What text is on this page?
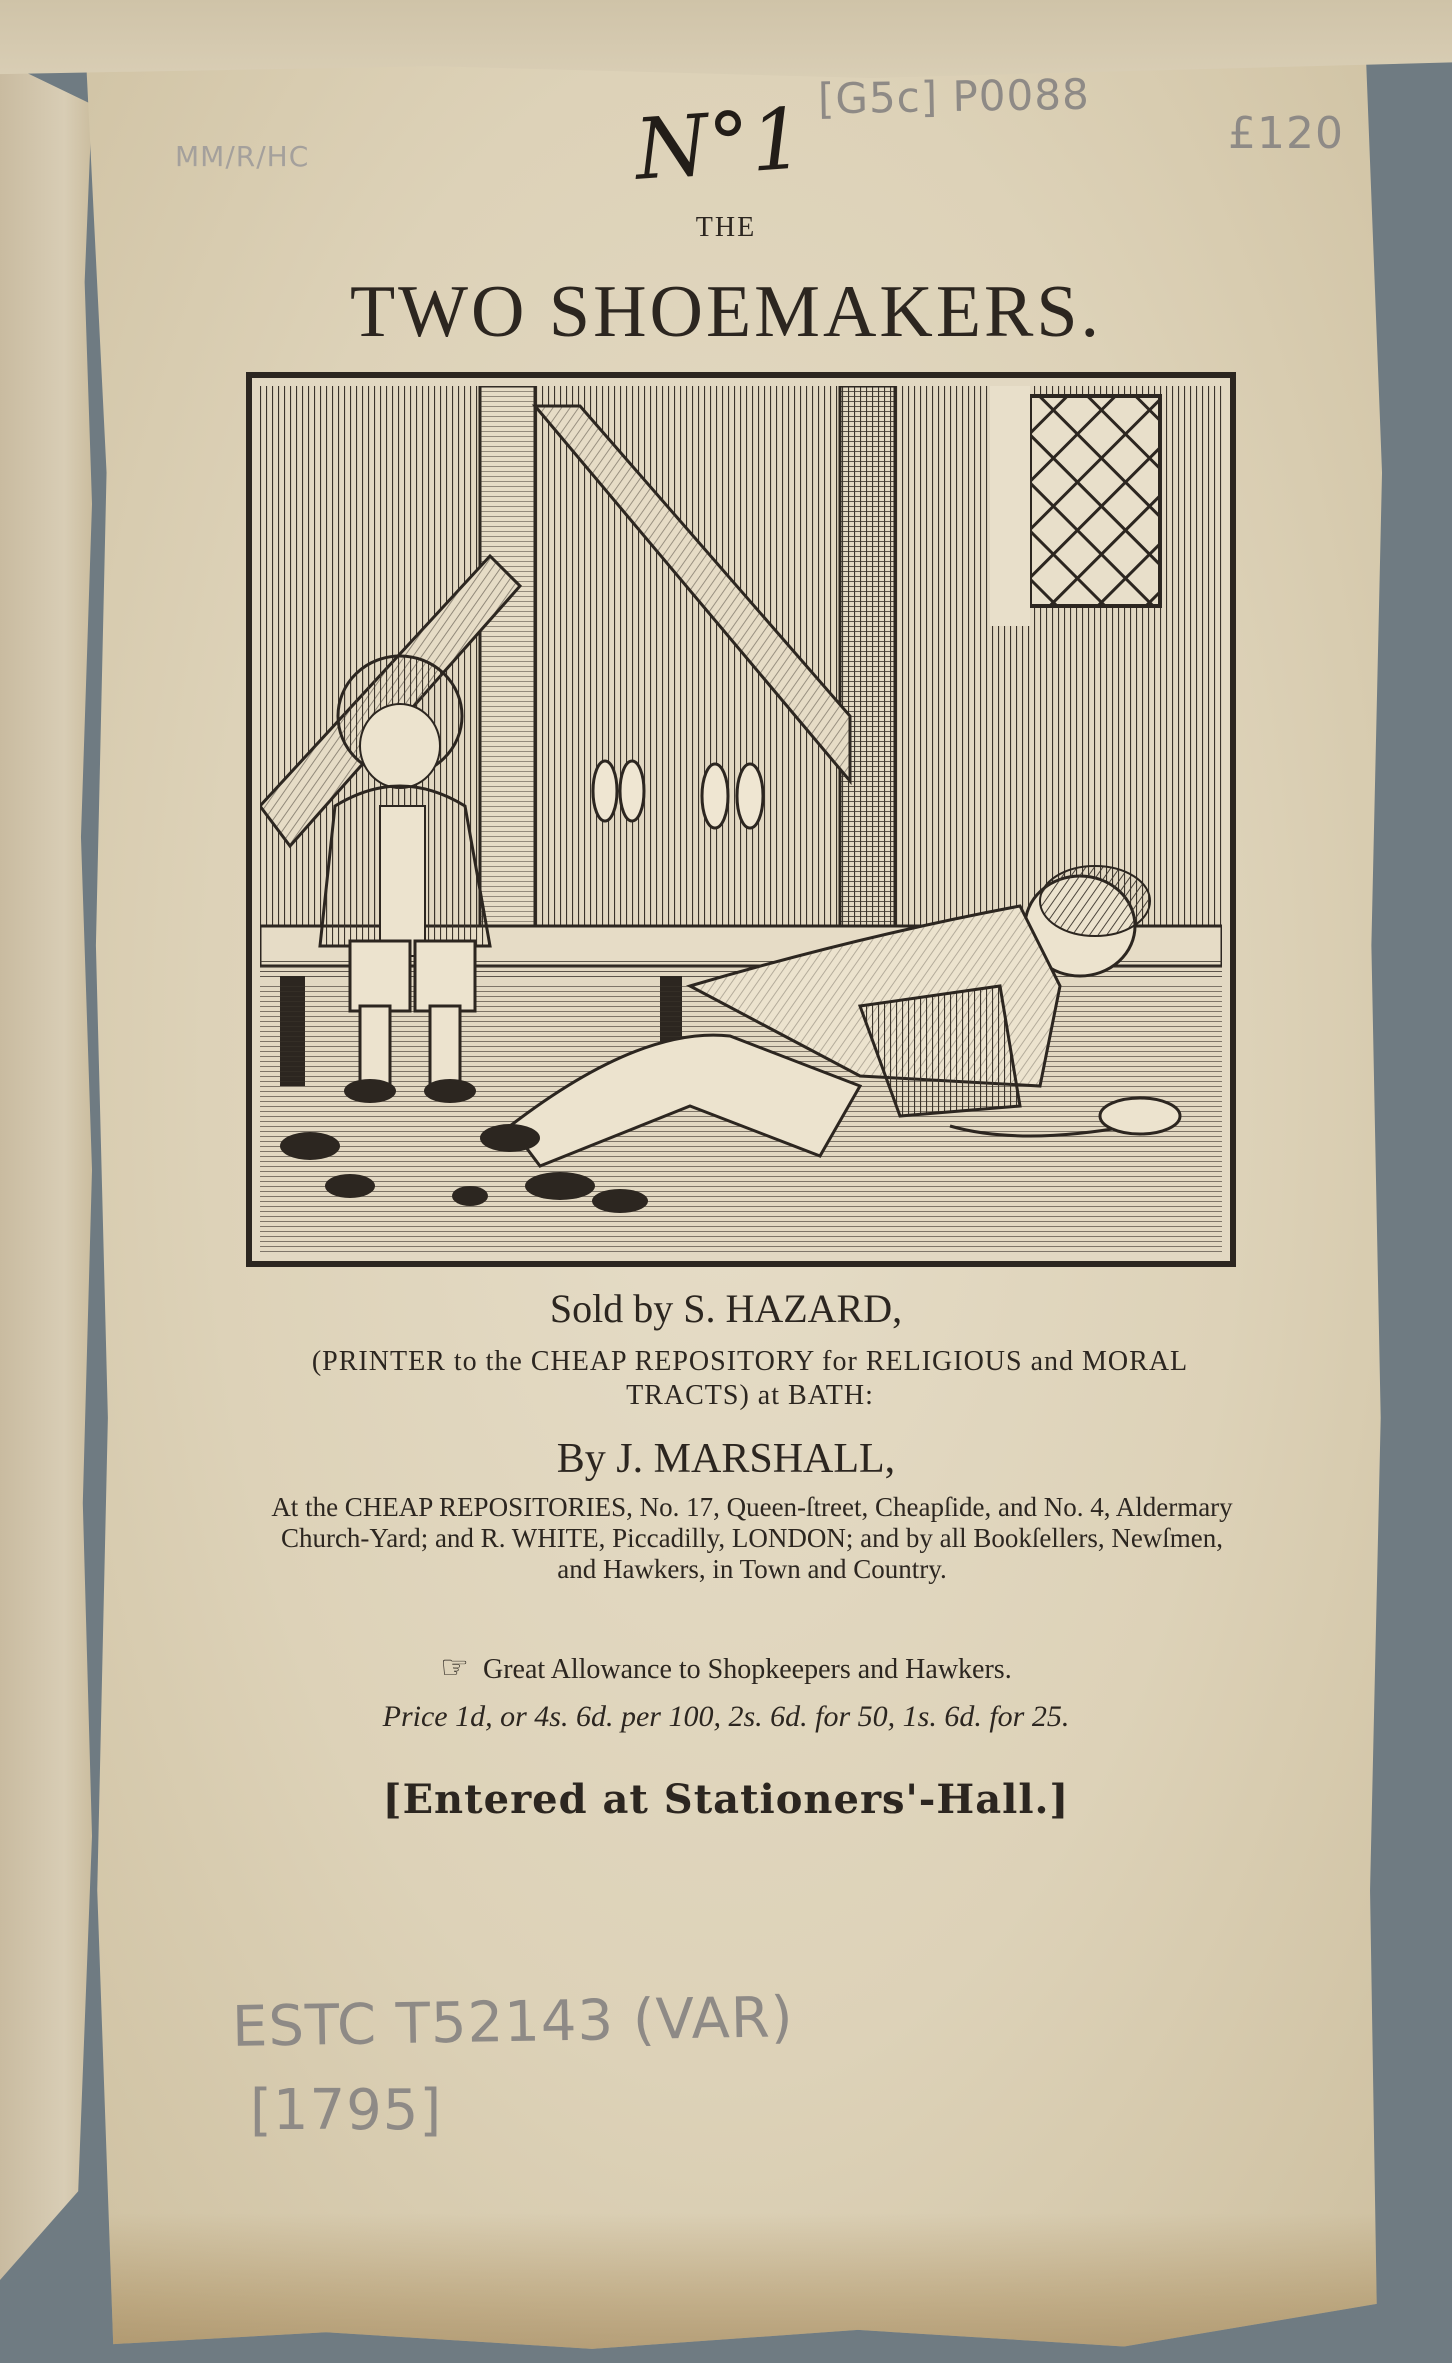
MM/R/HC	N°1 [G5c] P0088
£120
THE
TWO SHOEMAKERS.
Sold by S. HAZARD,
(PRINTER to the CHEAP REPOSITORY for RELIGIOUS and MORAL TRACTS) at BATH:
By J. MARSHALL,
At the CHEAP REPOSITORIES, No. 17, Queen-ſtreet, Cheapſide, and No. 4, Aldermary Church-Yard; and R. WHITE, Piccadilly, LONDON; and by all Bookſellers, Newſmen, and Hawkers, in Town and Country.
☞ Great Allowance to Shopkeepers and Hawkers.
Price 1d, or 4s. 6d. per 100, 2s. 6d. for 50, 1s. 6d. for 25.
[Entered at Stationers'-Hall.]
ESTC T52143 (VAR)
[1795]
